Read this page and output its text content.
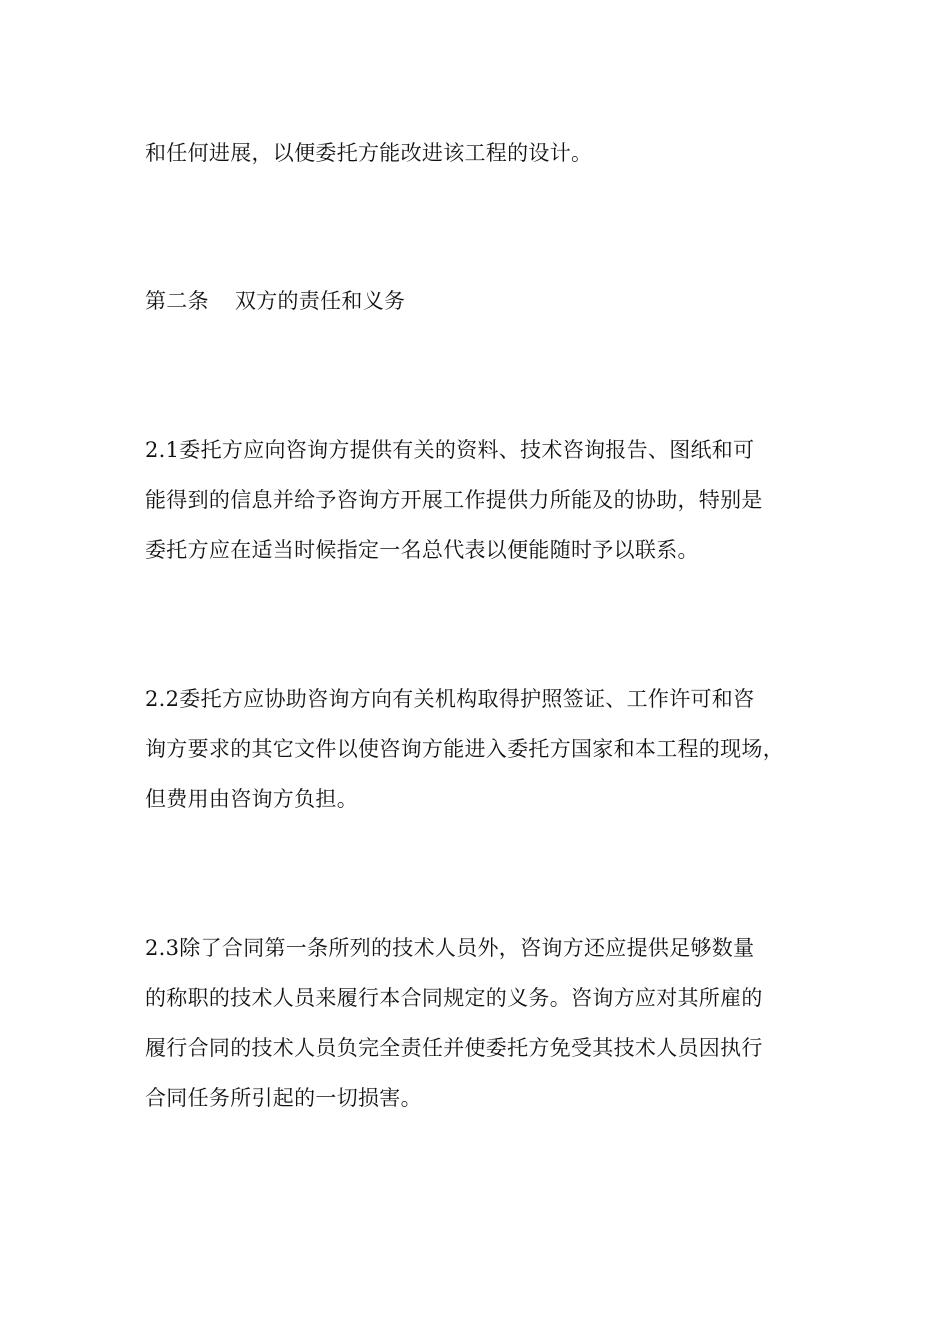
和任何进展，以便委托方能改进该工程的设计。
第二条 双方的责任和义务
2.1委托方应向咨询方提供有关的资料、技术咨询报告、图纸和可
能得到的信息并给予咨询方开展工作提供力所能及的协助，特别是
委托方应在适当时候指定一名总代表以便能随时予以联系。
2.2委托方应协助咨询方向有关机构取得护照签证、工作许可和咨
询方要求的其它文件以使咨询方能进入委托方国家和本工程的现场，
但费用由咨询方负担。
2.3除了合同第一条所列的技术人员外，咨询方还应提供足够数量
的称职的技术人员来履行本合同规定的义务。咨询方应对其所雇的
履行合同的技术人员负完全责任并使委托方免受其技术人员因执行
合同任务所引起的一切损害。
